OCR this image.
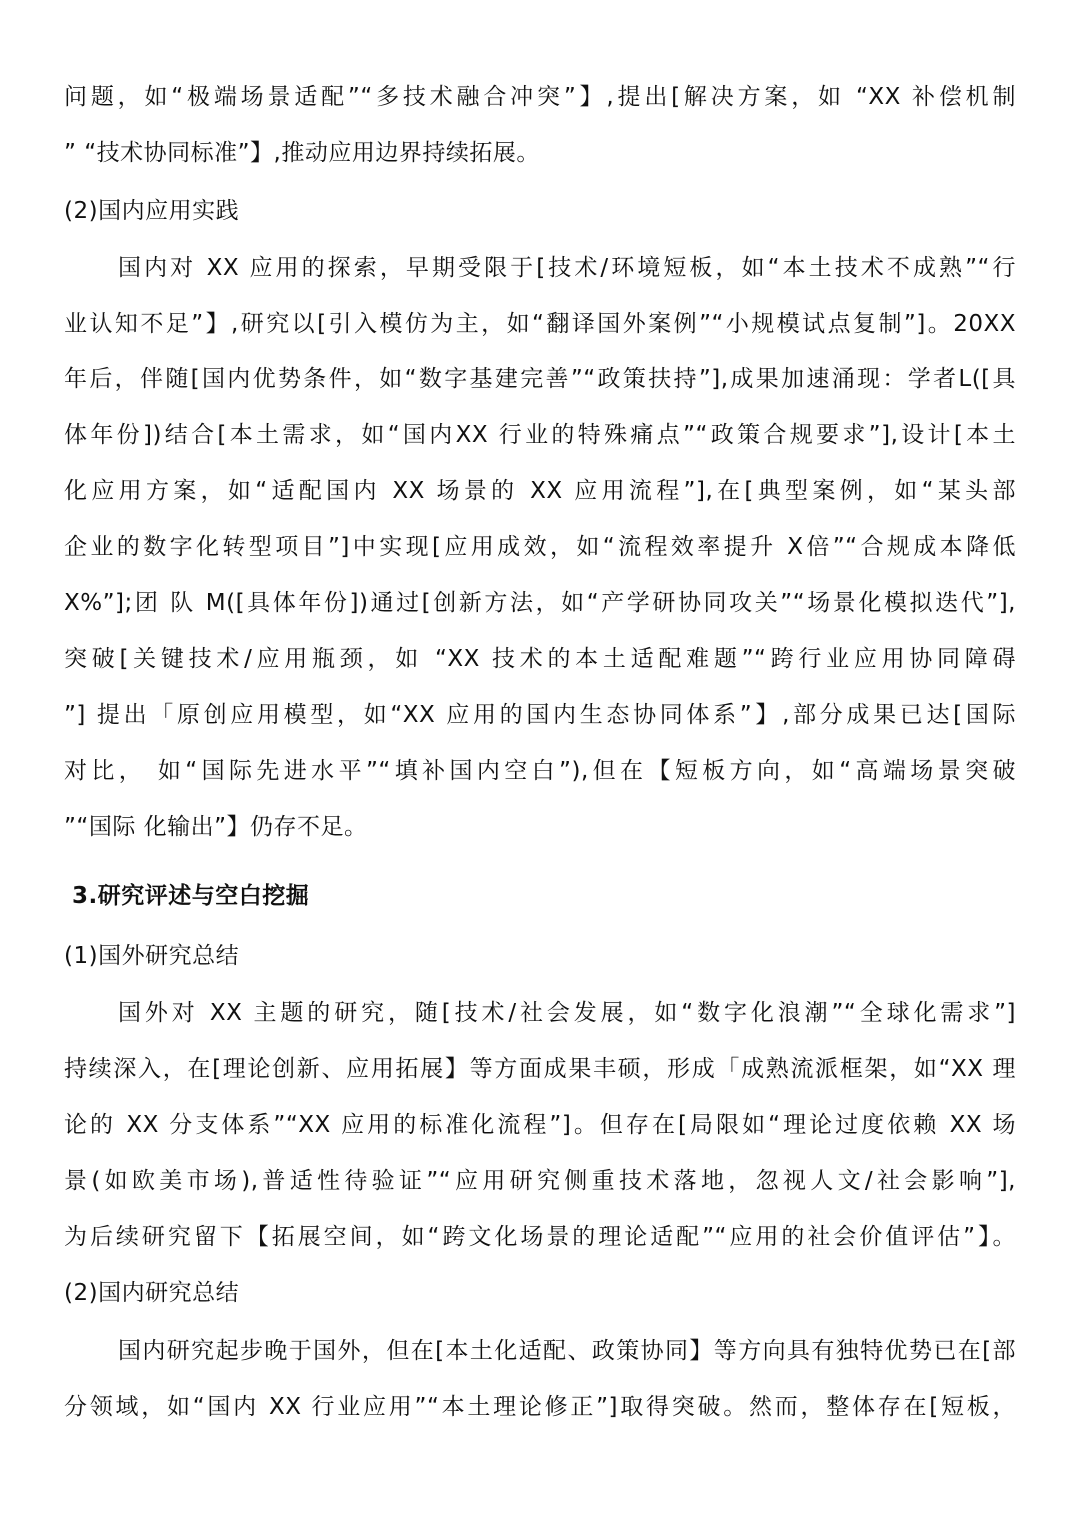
问题，如“极端场景适配”“多技术融合冲突”】,提出[解决方案，如 “XX 补偿机制
” “技术协同标准”】,推动应用边界持续拓展。
(2)国内应用实践
国内对 XX 应用的探索，早期受限于[技术/环境短板，如“本土技术不成熟”“行
业认知不足”】,研究以[引入模仿为主，如“翻译国外案例”“小规模试点复制”]。20XX
年后，伴随[国内优势条件，如“数字基建完善”“政策扶持”],成果加速涌现：学者L([具
体年份])结合[本土需求，如“国内XX 行业的特殊痛点”“政策合规要求”],设计[本土
化应用方案，如“适配国内 XX 场景的 XX 应用流程”],在[典型案例，如“某头部
企业的数字化转型项目”]中实现[应用成效，如“流程效率提升 X倍”“合规成本降低
X%”];团 队 M([具体年份])通过[创新方法，如“产学研协同攻关”“场景化模拟迭代”],
突破[关键技术/应用瓶颈，如 “XX 技术的本土适配难题”“跨行业应用协同障碍
”] 提出「原创应用模型，如“XX 应用的国内生态协同体系”】,部分成果已达[国际
对比， 如“国际先进水平”“填补国内空白”),但在【短板方向，如“高端场景突破
”“国际 化输出”】仍存不足。
3.研究评述与空白挖掘
(1)国外研究总结
国外对 XX 主题的研究，随[技术/社会发展，如“数字化浪潮”“全球化需求”]
持续深入，在[理论创新、应用拓展】等方面成果丰硕，形成「成熟流派框架，如“XX 理
论的 XX 分支体系”“XX 应用的标准化流程”]。但存在[局限如“理论过度依赖 XX 场
景(如欧美市场),普适性待验证”“应用研究侧重技术落地，忽视人文/社会影响”],
为后续研究留下【拓展空间，如“跨文化场景的理论适配”“应用的社会价值评估”】。
(2)国内研究总结
国内研究起步晚于国外，但在[本土化适配、政策协同】等方向具有独特优势已在[部
分领域，如“国内 XX 行业应用”“本土理论修正”]取得突破。然而，整体存在[短板，
